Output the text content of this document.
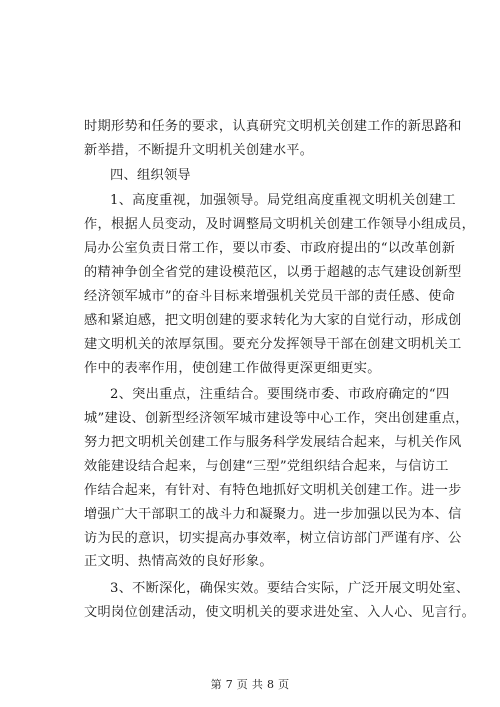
时期形势和任务的要求，认真研究文明机关创建工作的新思路和
新举措，不断提升文明机关创建水平。

四、组织领导

1、高度重视，加强领导。局党组高度重视文明机关创建工
作，根据人员变动，及时调整局文明机关创建工作领导小组成员，
局办公室负责日常工作，要以市委、市政府提出的“以改革创新
的精神争创全省党的建设模范区，以勇于超越的志气建设创新型
经济领军城市”的奋斗目标来增强机关党员干部的责任感、使命
感和紧迫感，把文明创建的要求转化为大家的自觉行动，形成创
建文明机关的浓厚氛围。要充分发挥领导干部在创建文明机关工
作中的表率作用，使创建工作做得更深更细更实。

2、突出重点，注重结合。要围绕市委、市政府确定的“四
城”建设、创新型经济领军城市建设等中心工作，突出创建重点，
努力把文明机关创建工作与服务科学发展结合起来，与机关作风
效能建设结合起来，与创建“三型”党组织结合起来，与信访工
作结合起来，有针对、有特色地抓好文明机关创建工作。进一步
增强广大干部职工的战斗力和凝聚力。进一步加强以民为本、信
访为民的意识，切实提高办事效率，树立信访部门严谨有序、公
正文明、热情高效的良好形象。

3、不断深化，确保实效。要结合实际，广泛开展文明处室、
文明岗位创建活动，使文明机关的要求进处室、入人心、见言行。

第 7 页 共 8 页
